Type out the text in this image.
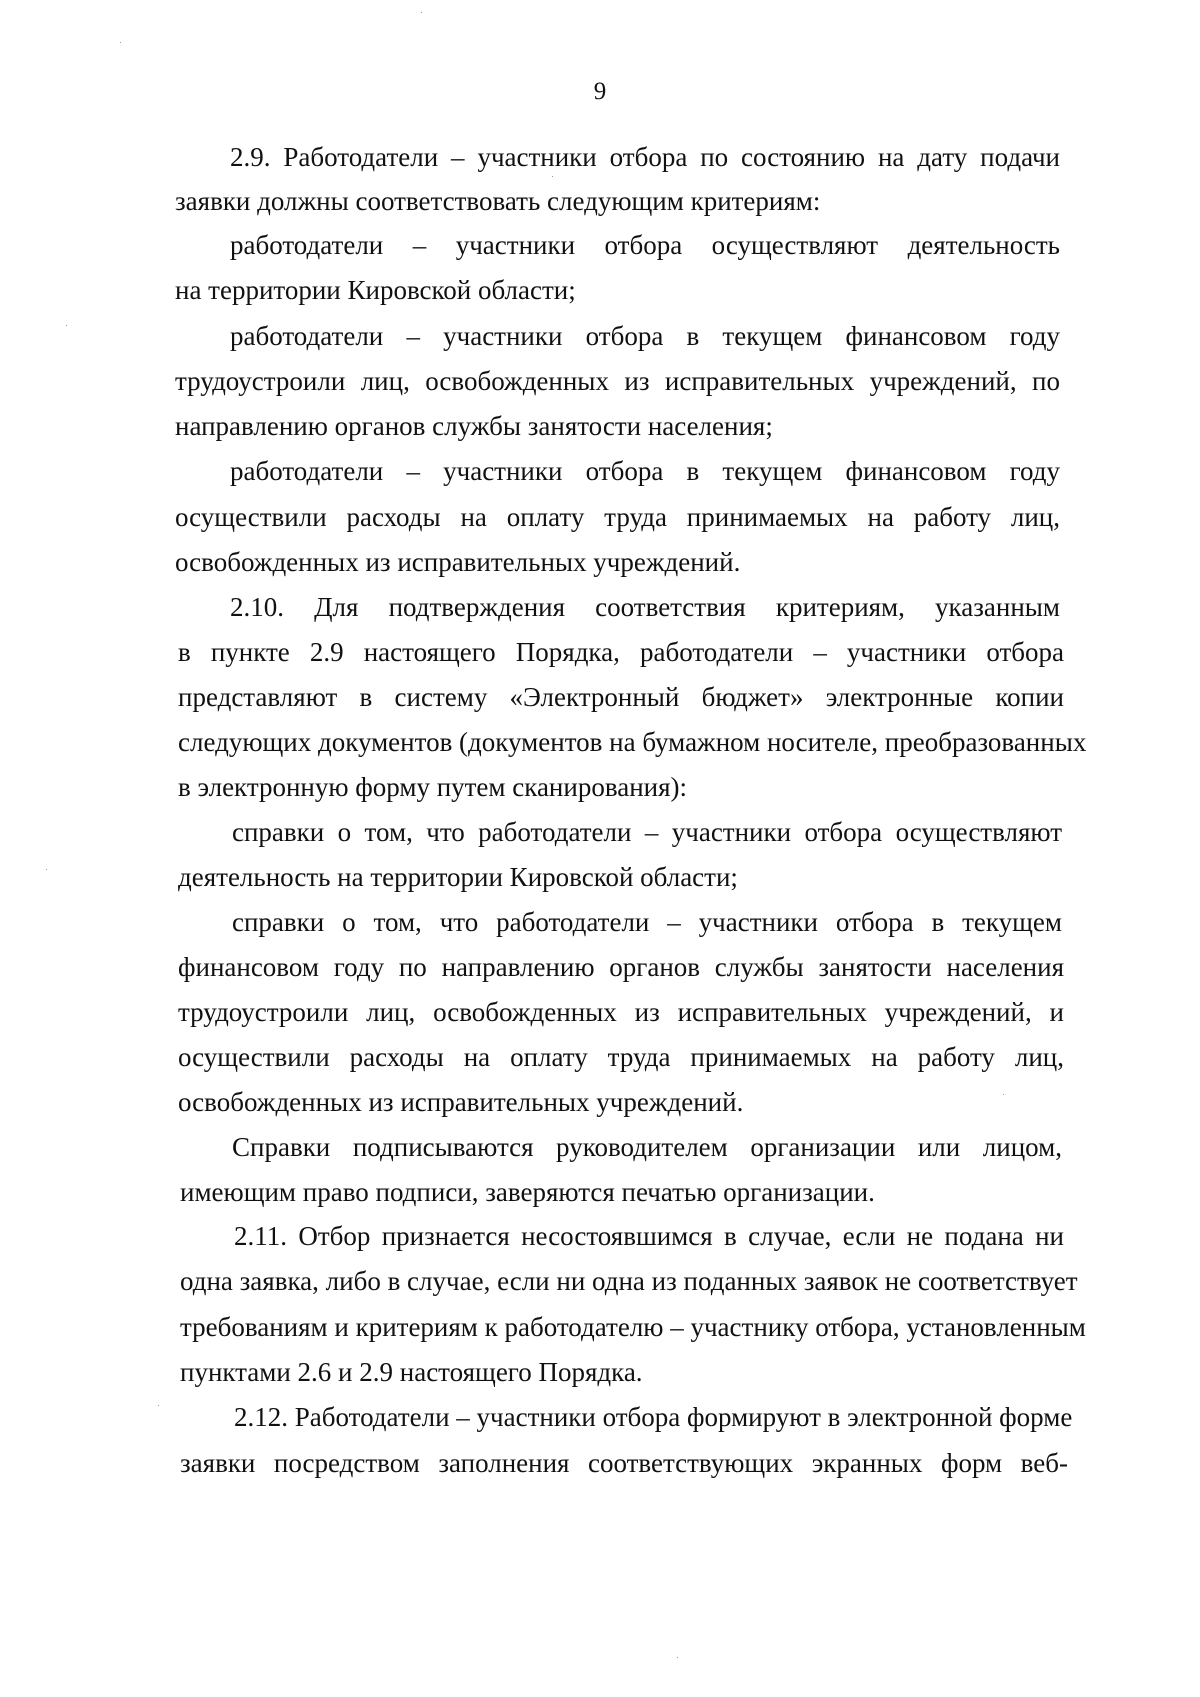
9
2.9. Работодатели – участники отбора по состоянию на дату подачи
заявки должны соответствовать следующим критериям:
работодатели – участники отбора осуществляют деятельность
на территории Кировской области;
работодатели – участники отбора в текущем финансовом году
трудоустроили лиц, освобожденных из исправительных учреждений, по
направлению органов службы занятости населения;
работодатели – участники отбора в текущем финансовом году
осуществили расходы на оплату труда принимаемых на работу лиц,
освобожденных из исправительных учреждений.
2.10. Для подтверждения соответствия критериям, указанным
в пункте 2.9 настоящего Порядка, работодатели – участники отбора
представляют в систему «Электронный бюджет» электронные копии
следующих документов (документов на бумажном носителе, преобразованных
в электронную форму путем сканирования):
справки о том, что работодатели – участники отбора осуществляют
деятельность на территории Кировской области;
справки о том, что работодатели – участники отбора в текущем
финансовом году по направлению органов службы занятости населения
трудоустроили лиц, освобожденных из исправительных учреждений, и
осуществили расходы на оплату труда принимаемых на работу лиц,
освобожденных из исправительных учреждений.
Справки подписываются руководителем организации или лицом,
имеющим право подписи, заверяются печатью организации.
2.11. Отбор признается несостоявшимся в случае, если не подана ни
одна заявка, либо в случае, если ни одна из поданных заявок не соответствует
требованиям и критериям к работодателю – участнику отбора, установленным
пунктами 2.6 и 2.9 настоящего Порядка.
2.12. Работодатели – участники отбора формируют в электронной форме
заявки посредством заполнения соответствующих экранных форм веб-
